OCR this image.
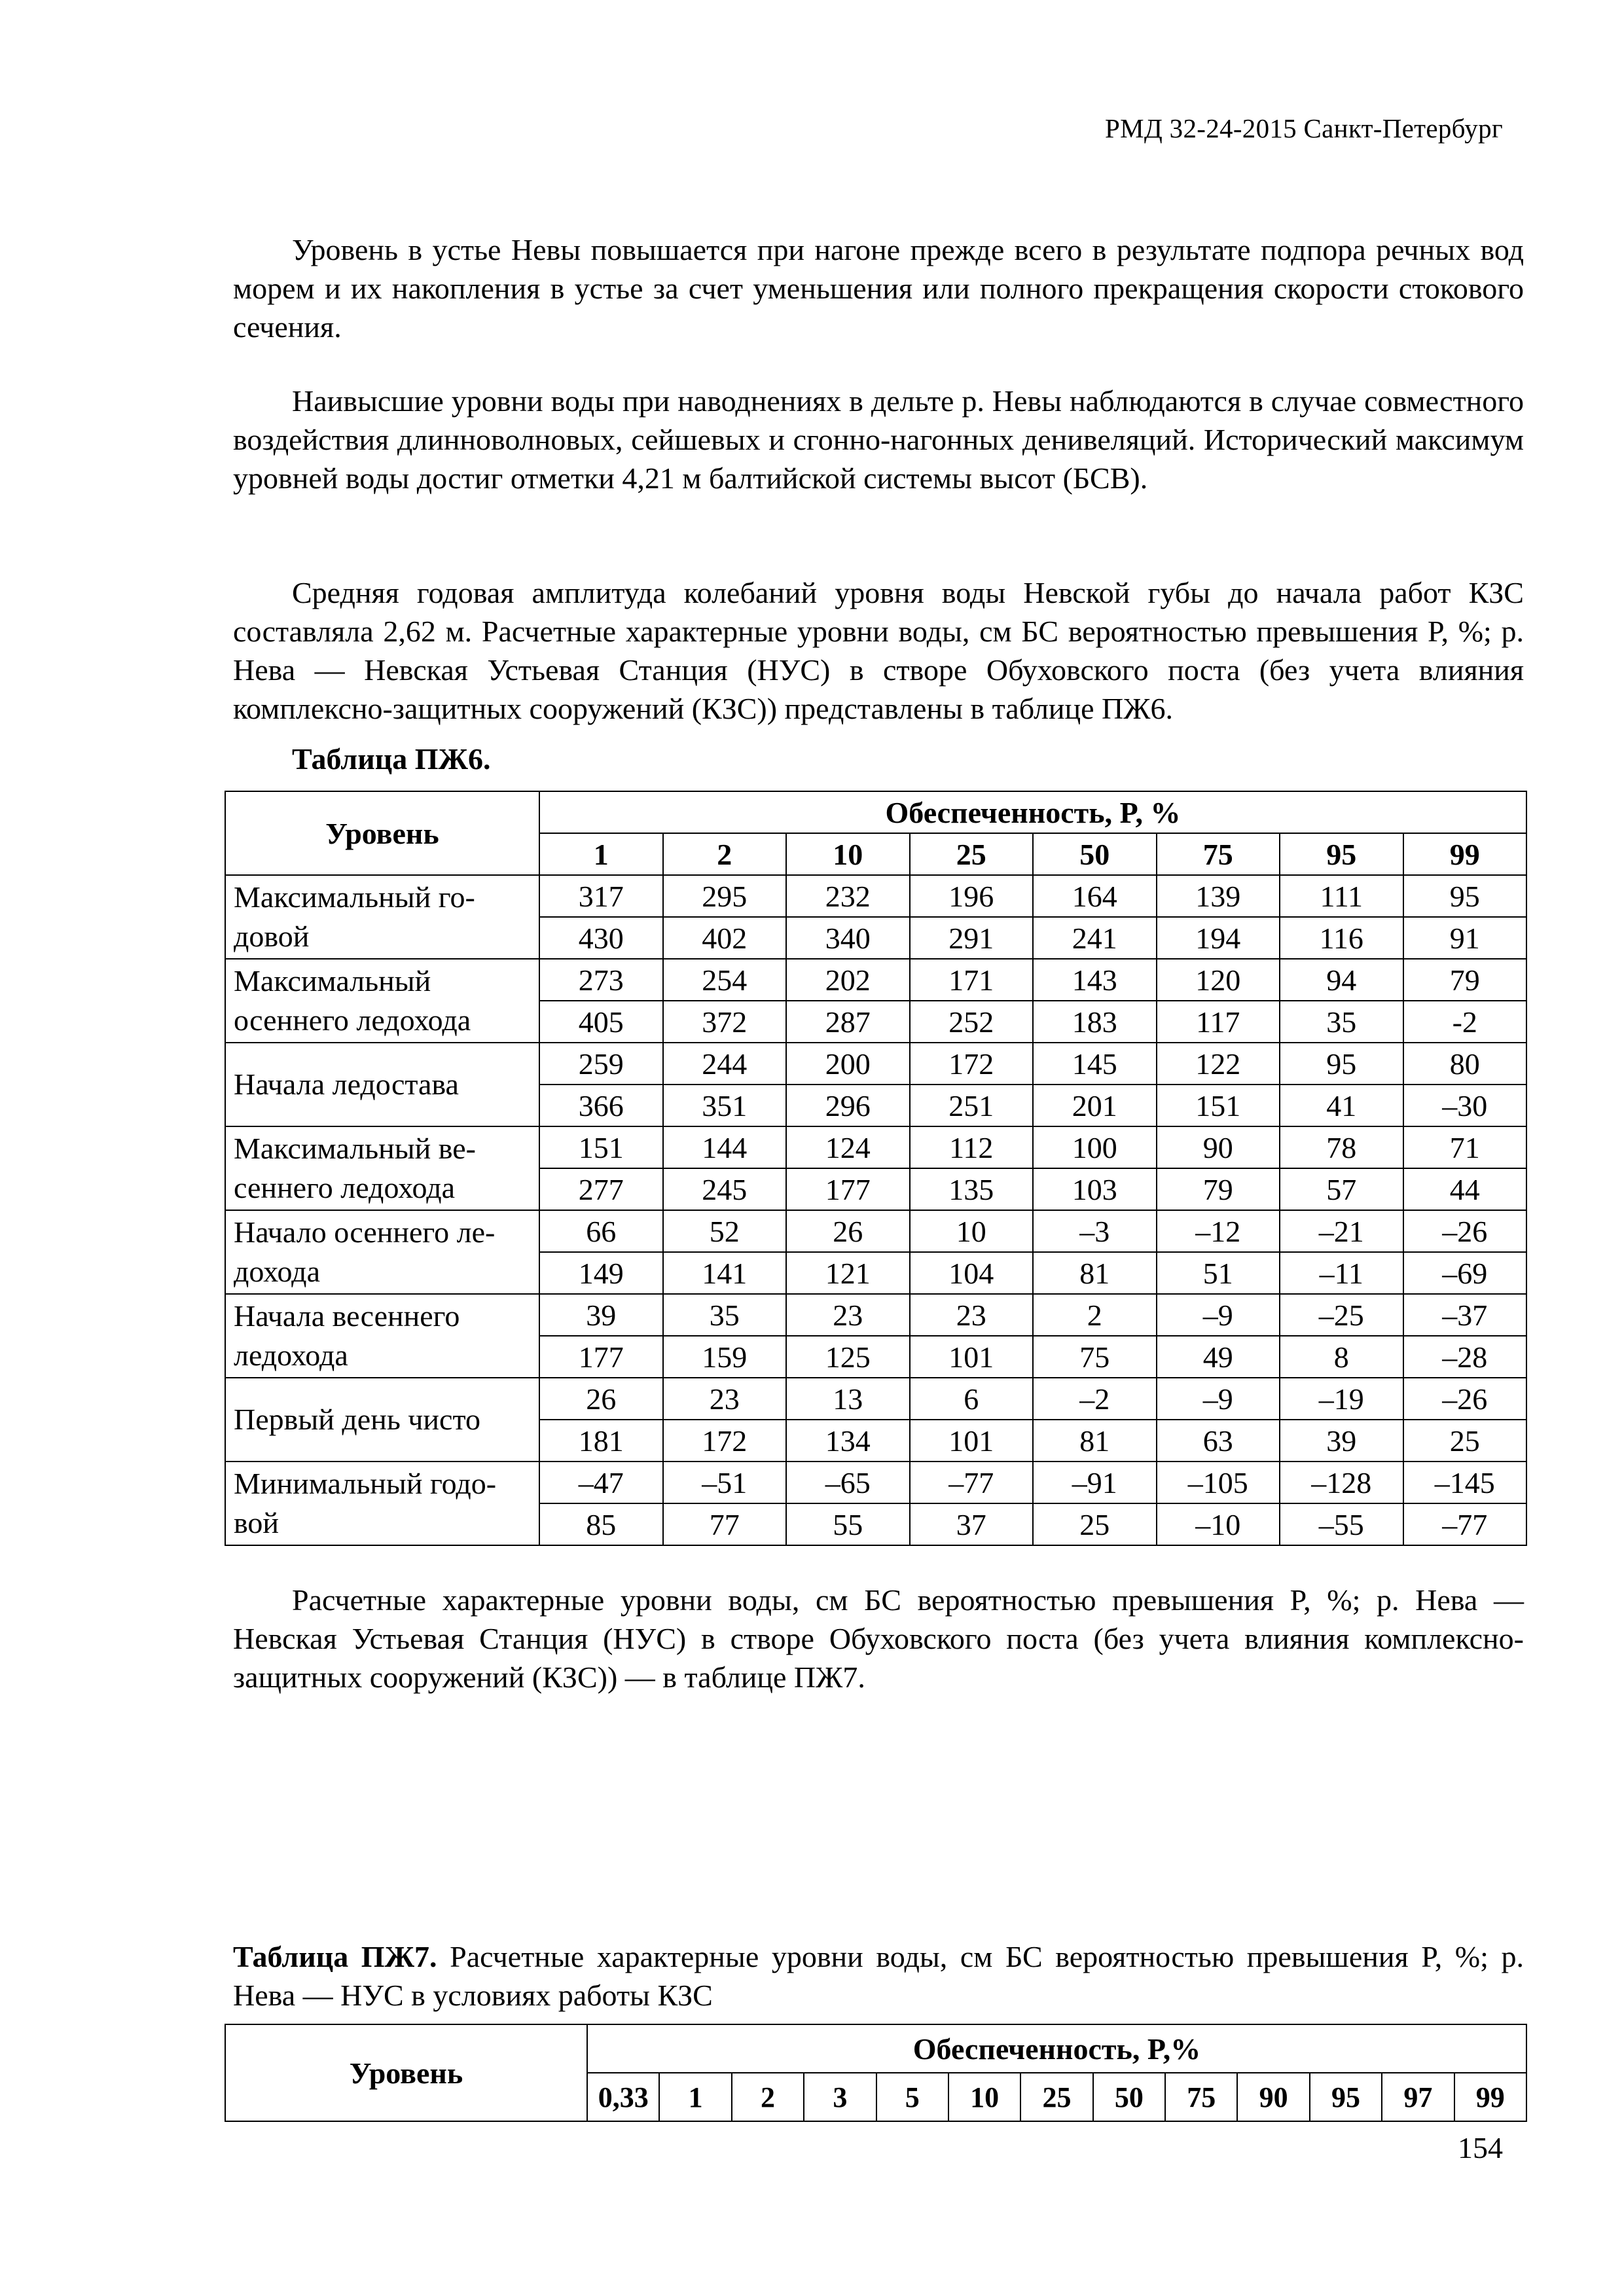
РМД 32-24-2015 Санкт-Петербург
Уровень в устье Невы повышается при нагоне прежде всего в результате подпора речных вод морем и их накопления в устье за счет уменьшения или полного прекращения скорости стокового сечения.
Наивысшие уровни воды при наводнениях в дельте р. Невы наблюдаются в случае совместного воздействия длинноволновых, сейшевых и сгонно-нагонных денивеляций. Исторический максимум уровней воды достиг отметки 4,21 м балтийской системы высот (БСВ).
Средняя годовая амплитуда колебаний уровня воды Невской губы до начала работ КЗС составляла 2,62 м. Расчетные характерные уровни воды, см БС вероятностью превышения P, %; р. Нева — Невская Устьевая Станция (НУС) в створе Обуховского поста (без учета влияния комплексно-защитных сооружений (КЗС)) представлены в таблице ПЖ6.
Таблица ПЖ6.
Уровень	Обеспеченность, P, %							
	1	2	10	25	50	75	95	99
Максимальный го-довой	317	295	232	196	164	139	111	95
	430	402	340	291	241	194	116	91
Максимальный осеннего ледохода	273	254	202	171	143	120	94	79
	405	372	287	252	183	117	35	-2
Начала ледостава	259	244	200	172	145	122	95	80
	366	351	296	251	201	151	41	–30
Максимальный ве-сеннего ледохода	151	144	124	112	100	90	78	71
	277	245	177	135	103	79	57	44
Начало осеннего ле-дохода	66	52	26	10	–3	–12	–21	–26
	149	141	121	104	81	51	–11	–69
Начала весеннего ледохода	39	35	23	23	2	–9	–25	–37
	177	159	125	101	75	49	8	–28
Первый день чисто	26	23	13	6	–2	–9	–19	–26
	181	172	134	101	81	63	39	25
Минимальный годо-вой	–47	–51	–65	–77	–91	–105	–128	–145
	85	77	55	37	25	–10	–55	–77
Расчетные характерные уровни воды, см БС вероятностью превышения P, %; р. Нева — Невская Устьевая Станция (НУС) в створе Обуховского поста (без учета влияния комплексно-защитных сооружений (КЗС)) — в таблице ПЖ7.
Таблица ПЖ7. Расчетные характерные уровни воды, см БС вероятностью превышения P, %; р. Нева — НУС в условиях работы КЗС
Уровень	Обеспеченность, P,%												
	0,33	1	2	3	5	10	25	50	75	90	95	97	99
154
